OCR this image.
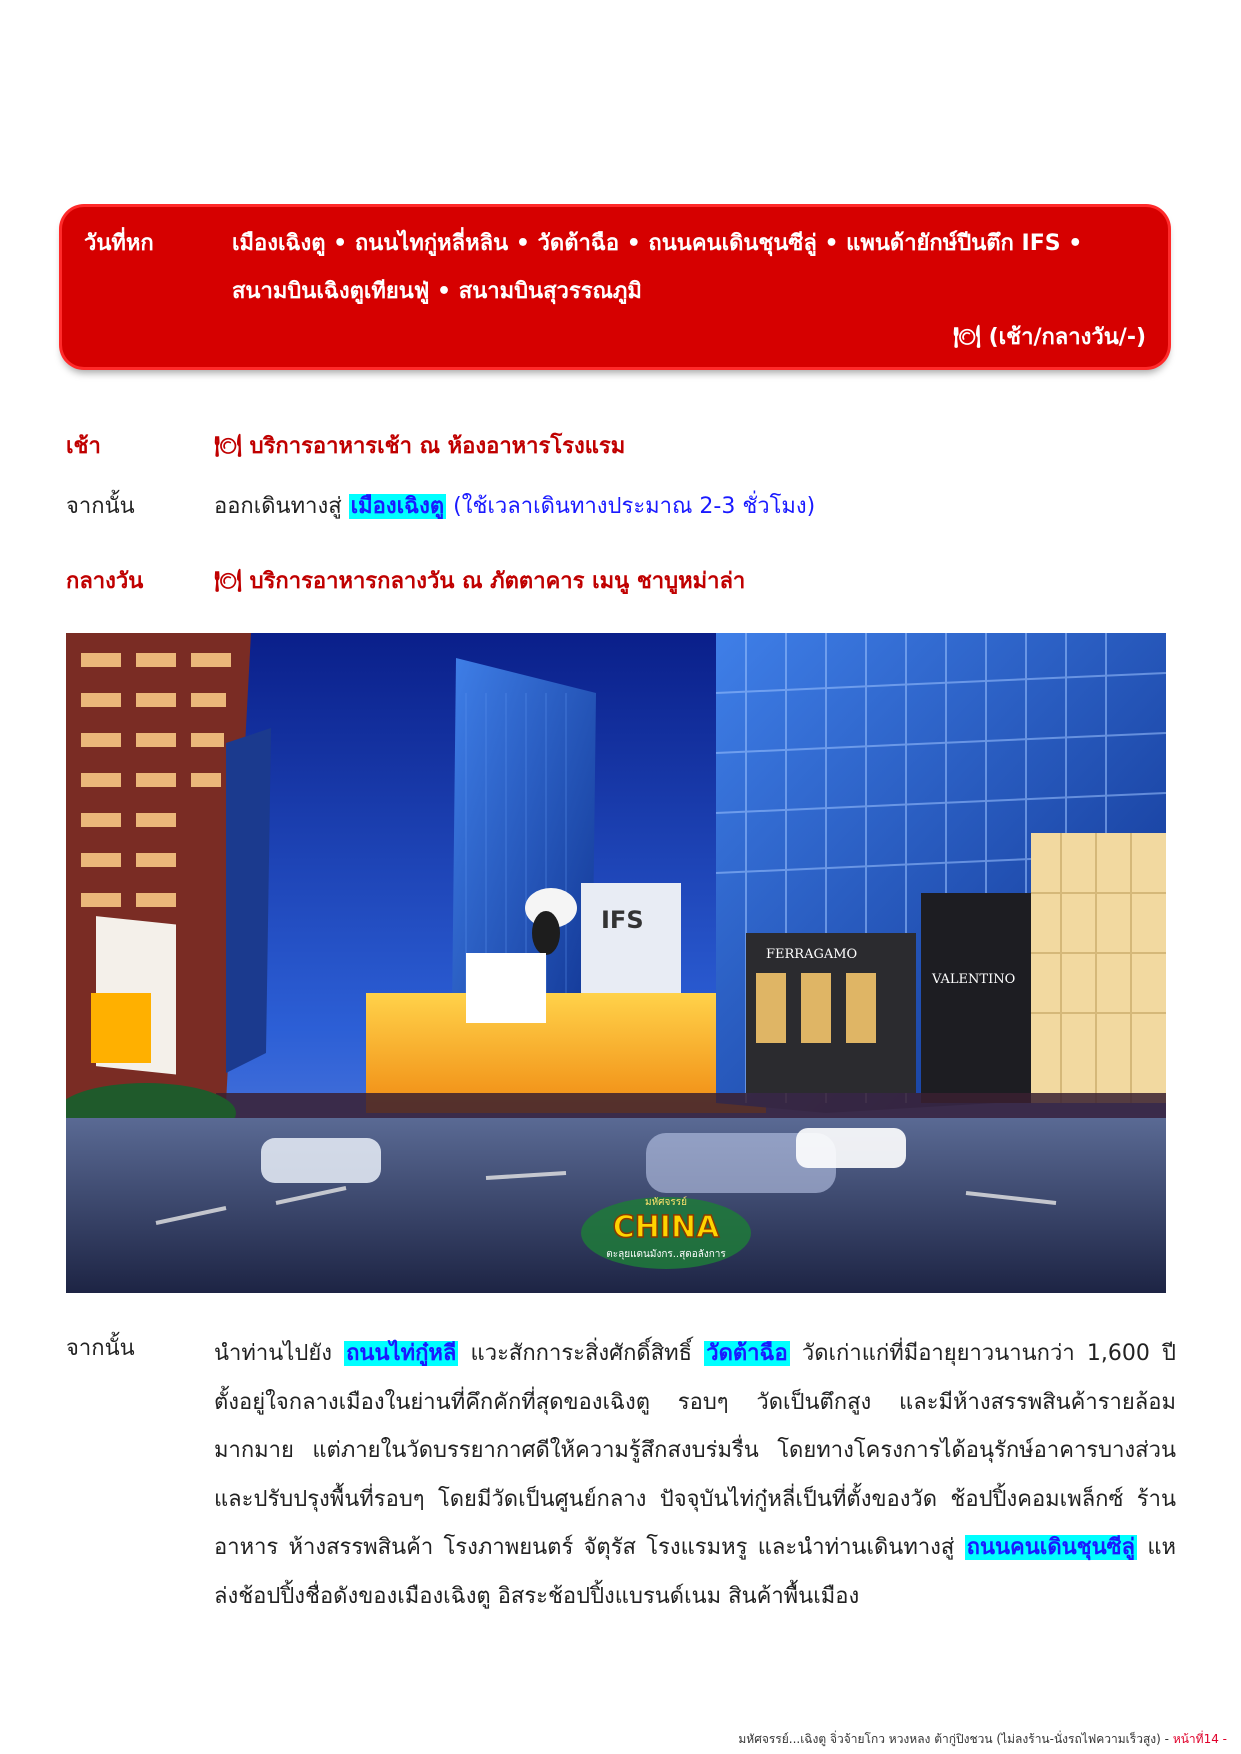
วันที่หก	เมืองเฉิงตู • ถนนไทกู่หลี่หลิน • วัดต้าฉือ • ถนนคนเดินชุนซีลู่ • แพนด้ายักษ์ปีนตึก IFS •
สนามบินเฉิงตูเทียนฟู่ • สนามบินสุวรรณภูมิ
🍽 (เช้า/กลางวัน/-)
เช้า	🍽 บริการอาหารเช้า ณ ห้องอาหารโรงแรม
จากนั้น	ออกเดินทางสู่ เมืองเฉิงตู (ใช้เวลาเดินทางประมาณ 2-3 ชั่วโมง)
กลางวัน	🍽 บริการอาหารกลางวัน ณ ภัตตาคาร เมนู ชาบูหม่าล่า
IFS
FERRAGAMO
VALENTINO
มหัศจรรย์
CHINA
ตะลุยแดนมังกร..สุดอลังการ
จากนั้น	นำท่านไปยัง ถนนไท่กู๋หลี แวะสักการะสิ่งศักดิ์สิทธิ์ วัดต้าฉือ วัดเก่าแก่ที่มีอายุยาวนานกว่า 1,600 ปี ตั้งอยู่ใจกลางเมืองในย่านที่คึกคักที่สุดของเฉิงตู รอบๆ วัดเป็นตึกสูง และมีห้างสรรพสินค้ารายล้อมมากมาย แต่ภายในวัดบรรยากาศดีให้ความรู้สึกสงบร่มรื่น โดยทางโครงการได้อนุรักษ์อาคารบางส่วน และปรับปรุงพื้นที่รอบๆ โดยมีวัดเป็นศูนย์กลาง ปัจจุบันไท่กู๋หลี่เป็นที่ตั้งของวัด ช้อปปิ้งคอมเพล็กซ์ ร้านอาหาร ห้างสรรพสินค้า โรงภาพยนตร์ จัตุรัส โรงแรมหรู และนำท่านเดินทางสู่ ถนนคนเดินชุนซีลู่ แหล่งช้อปปิ้งชื่อดังของเมืองเฉิงตู อิสระช้อปปิ้งแบรนด์เนม สินค้าพื้นเมือง
มหัศจรรย์...เฉิงตู จิ่วจ้ายโกว หวงหลง ต้ากู่ปิงชวน (ไม่ลงร้าน-นั่งรถไฟความเร็วสูง) - หน้าที่14 -
